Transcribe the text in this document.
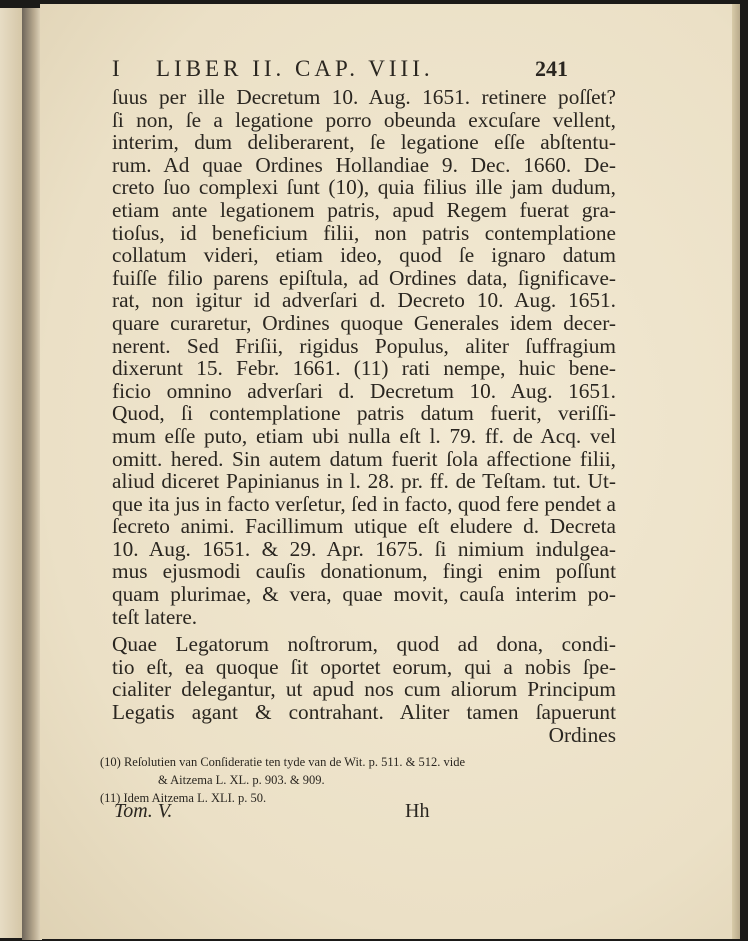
I LIBER II. CAP. VIII.	241
ſuus per ille Decretum 10. Aug. 1651. retinere poſſet?
ſi non, ſe a legatione porro obeunda excuſare vellent,
interim, dum deliberarent, ſe legatione eſſe abſtentu-
rum. Ad quae Ordines Hollandiae 9. Dec. 1660. De-
creto ſuo complexi ſunt (10), quia filius ille jam dudum,
etiam ante legationem patris, apud Regem fuerat gra-
tioſus, id beneficium filii, non patris contemplatione
collatum videri, etiam ideo, quod ſe ignaro datum
fuiſſe filio parens epiſtula, ad Ordines data, ſignificave-
rat, non igitur id adverſari d. Decreto 10. Aug. 1651.
quare curaretur, Ordines quoque Generales idem decer-
nerent. Sed Friſii, rigidus Populus, aliter ſuffragium
dixerunt 15. Febr. 1661. (11) rati nempe, huic bene-
ficio omnino adverſari d. Decretum 10. Aug. 1651.
Quod, ſi contemplatione patris datum fuerit, veriſſi-
mum eſſe puto, etiam ubi nulla eſt l. 79. ff. de Acq. vel
omitt. hered. Sin autem datum fuerit ſola affectione filii,
aliud diceret Papinianus in l. 28. pr. ff. de Teſtam. tut. Ut-
que ita jus in facto verſetur, ſed in facto, quod fere pendet a
ſecreto animi. Facillimum utique eſt eludere d. Decreta
10. Aug. 1651. & 29. Apr. 1675. ſi nimium indulgea-
mus ejusmodi cauſis donationum, fingi enim poſſunt
quam plurimae, & vera, quae movit, cauſa interim po-
teſt latere.
Quae Legatorum noſtrorum, quod ad dona, condi-
tio eſt, ea quoque ſit oportet eorum, qui a nobis ſpe-
cialiter delegantur, ut apud nos cum aliorum Principum
Legatis agant & contrahant. Aliter tamen ſapuerunt
Ordines
(10) Reſolutien van Conſideratie ten tyde van de Wit. p. 511. & 512. vide
& Aitzema L. XL. p. 903. & 909.
(11) Idem Aitzema L. XLI. p. 50.
Tom. V.	Hh
